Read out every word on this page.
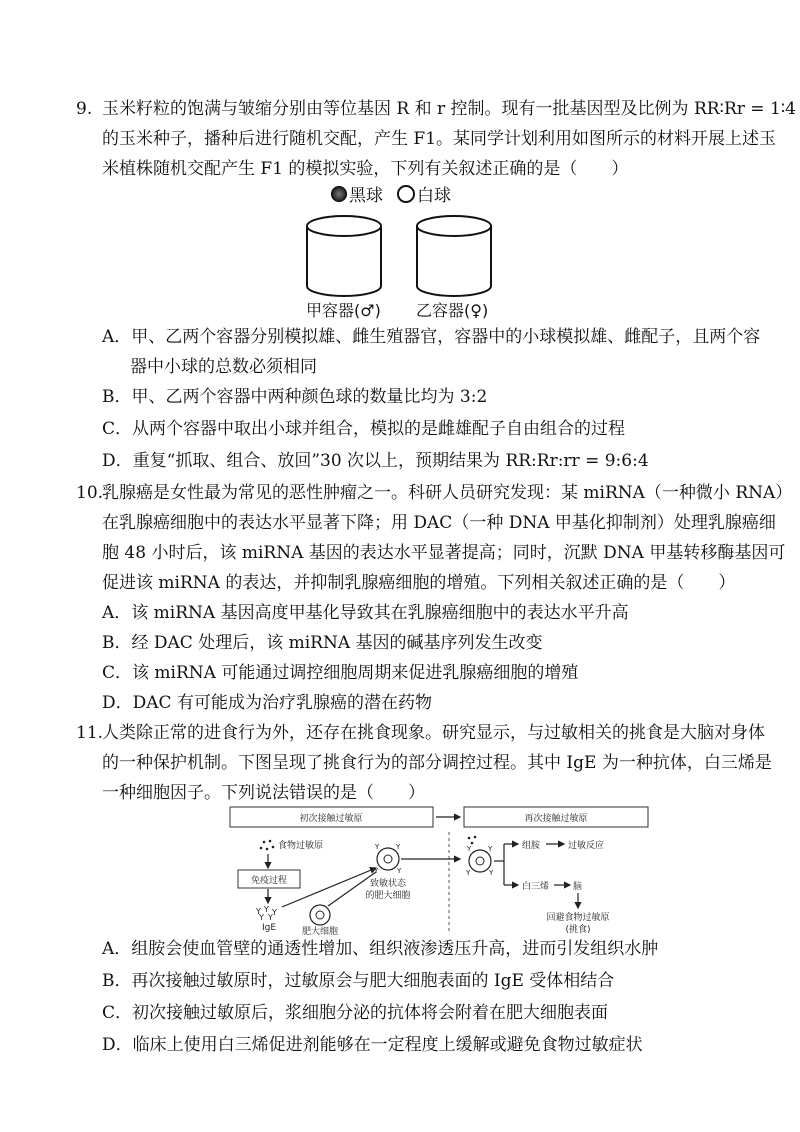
9. 玉米籽粒的饱满与皱缩分别由等位基因 R 和 r 控制。现有一批基因型及比例为 RR∶Rr = 1∶4
的玉米种子，播种后进行随机交配，产生 F1。某同学计划利用如图所示的材料开展上述玉
米植株随机交配产生 F1 的模拟实验，下列有关叙述正确的是（　　）
黑球 白球
甲容器(♂) 乙容器(♀)
A．甲、乙两个容器分别模拟雄、雌生殖器官，容器中的小球模拟雄、雌配子，且两个容
器中小球的总数必须相同
B．甲、乙两个容器中两种颜色球的数量比均为 3:2
C．从两个容器中取出小球并组合，模拟的是雌雄配子自由组合的过程
D．重复“抓取、组合、放回”30 次以上，预期结果为 RR:Rr:rr = 9:6:4
10.
乳腺癌是女性最为常见的恶性肿瘤之一。科研人员研究发现：某 miRNA（一种微小 RNA）
在乳腺癌细胞中的表达水平显著下降；用 DAC（一种 DNA 甲基化抑制剂）处理乳腺癌细
胞 48 小时后，该 miRNA 基因的表达水平显著提高；同时，沉默 DNA 甲基转移酶基因可
促进该 miRNA 的表达，并抑制乳腺癌细胞的增殖。下列相关叙述正确的是（　　）
A．该 miRNA 基因高度甲基化导致其在乳腺癌细胞中的表达水平升高
B．经 DAC 处理后，该 miRNA 基因的碱基序列发生改变
C．该 miRNA 可能通过调控细胞周期来促进乳腺癌细胞的增殖
D．DAC 有可能成为治疗乳腺癌的潜在药物
11.
人类除正常的进食行为外，还存在挑食现象。研究显示，与过敏相关的挑食是大脑对身体
的一种保护机制。下图呈现了挑食行为的部分调控过程。其中 IgE 为一种抗体，白三烯是
一种细胞因子。下列说法错误的是（　　）
初次接触过敏原	再次接触过敏原
食物过敏原
免疫过程
Y Y Y
Y Y
IgE	肥大细胞
Y Y
Y	Y
致敏状态
的肥大细胞
Y Y
Y	Y
组胺	过敏反应
白三烯	脑
回避食物过敏原
(挑食)
A．组胺会使血管壁的通透性增加、组织液渗透压升高，进而引发组织水肿
B．再次接触过敏原时，过敏原会与肥大细胞表面的 IgE 受体相结合
C．初次接触过敏原后，浆细胞分泌的抗体将会附着在肥大细胞表面
D．临床上使用白三烯促进剂能够在一定程度上缓解或避免食物过敏症状
